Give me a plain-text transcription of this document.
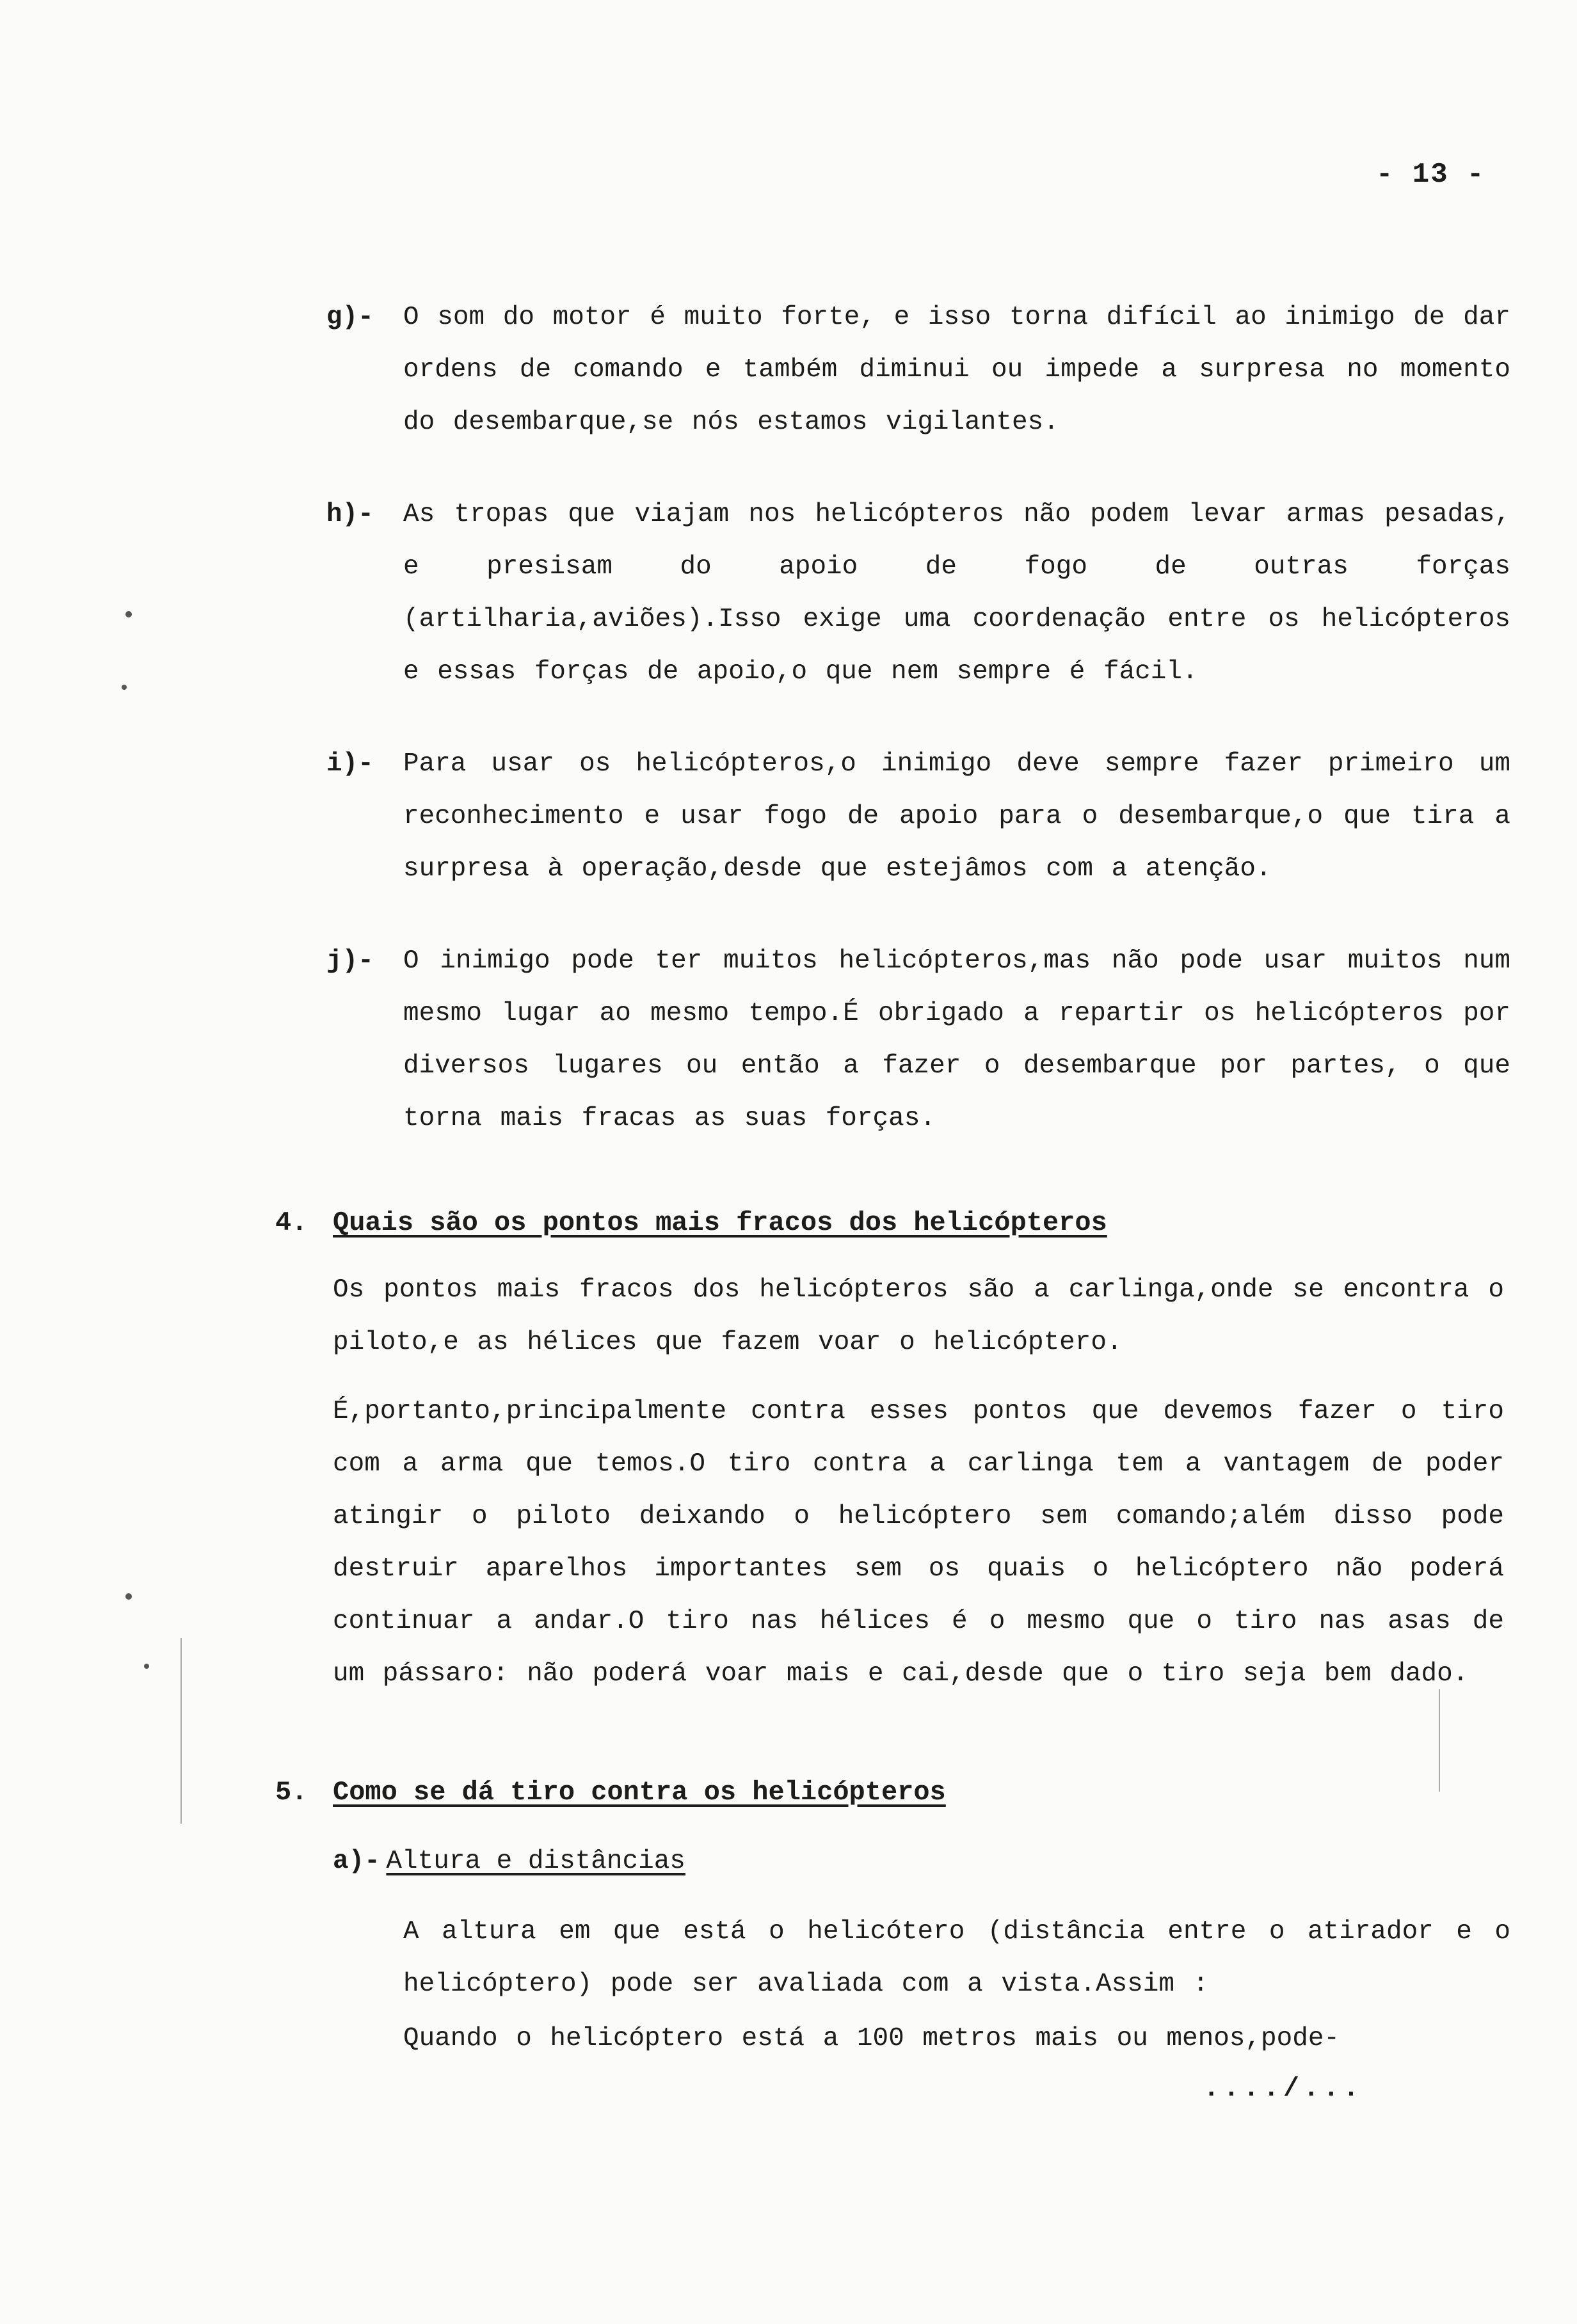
- 13 -
g)- O som do motor é muito forte, e isso torna difícil ao inimigo de dar ordens de comando e também diminui ou impede a surpresa no momento do desembarque,se nós estamos vigilantes.
h)- As tropas que viajam nos helicópteros não podem levar armas pesadas, e presisam do apoio de fogo de outras forças (artilharia,aviões).Isso exige uma coordenação entre os helicópteros e essas forças de apoio,o que nem sempre é fácil.
i)- Para usar os helicópteros,o inimigo deve sempre fazer primeiro um reconhecimento e usar fogo de apoio para o desembarque,o que tira a surpresa à operação,desde que estejâmos com a atenção.
j)- O inimigo pode ter muitos helicópteros,mas não pode usar muitos num mesmo lugar ao mesmo tempo.É obrigado a repartir os helicópteros por diversos lugares ou então a fazer o desembarque por partes, o que torna mais fracas as suas forças.
4. Quais são os pontos mais fracos dos helicópteros
Os pontos mais fracos dos helicópteros são a carlinga,onde se encontra o piloto,e as hélices que fazem voar o helicóptero.
É,portanto,principalmente contra esses pontos que devemos fazer o tiro com a arma que temos.O tiro contra a carlinga tem a vantagem de poder atingir o piloto deixando o helicóptero sem comando;além disso pode destruir aparelhos importantes sem os quais o helicóptero não poderá continuar a andar.O tiro nas hélices é o mesmo que o tiro nas asas de um pássaro: não poderá voar mais e cai,desde que o tiro seja bem dado.
5. Como se dá tiro contra os helicópteros
a)- Altura e distâncias
A altura em que está o helicótero (distância entre o atirador e o helicóptero) pode ser avaliada com a vista.Assim :
Quando o helicóptero está a 100 metros mais ou menos,pode-
..../...
